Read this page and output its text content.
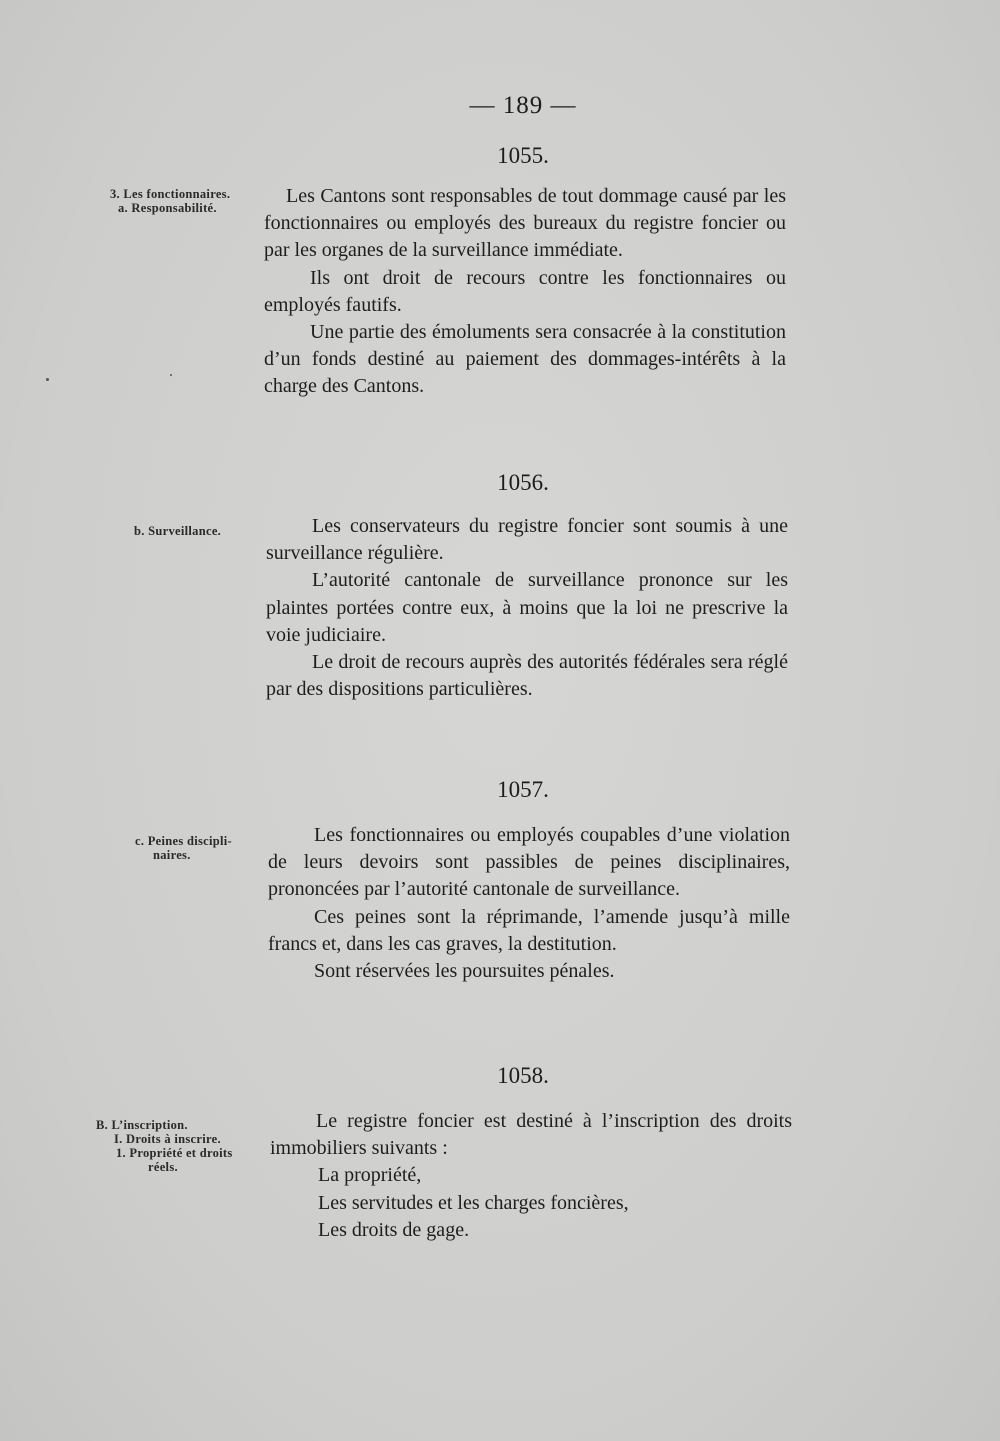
— 189 —
1055.
3. Les fonctionnaires.
a. Responsabilité.

Les Cantons sont responsables de tout dommage causé par les fonctionnaires ou employés des bureaux du registre foncier ou par les organes de la surveillance immédiate.

Ils ont droit de recours contre les fonctionnaires ou employés fautifs.

Une partie des émoluments sera consacrée à la constitution d’un fonds destiné au paiement des dommages-intérêts à la charge des Cantons.

1056.
b. Surveillance.	Les conservateurs du registre foncier sont soumis à une surveillance régulière.

L’autorité cantonale de surveillance prononce sur les plaintes portées contre eux, à moins que la loi ne prescrive la voie judiciaire.

Le droit de recours auprès des autorités fédérales sera réglé par des dispositions particulières.

1057.
c. Peines discipli-
naires.

Les fonctionnaires ou employés coupables d’une violation de leurs devoirs sont passibles de peines disciplinaires, prononcées par l’autorité cantonale de surveillance.

Ces peines sont la réprimande, l’amende jusqu’à mille francs et, dans les cas graves, la destitution.

Sont réservées les poursuites pénales.

1058.
B. L’inscription.
I. Droits à inscrire.
1. Propriété et droits
réels.

Le registre foncier est destiné à l’inscription des droits immobiliers suivants :

La propriété,

Les servitudes et les charges foncières,

Les droits de gage.
